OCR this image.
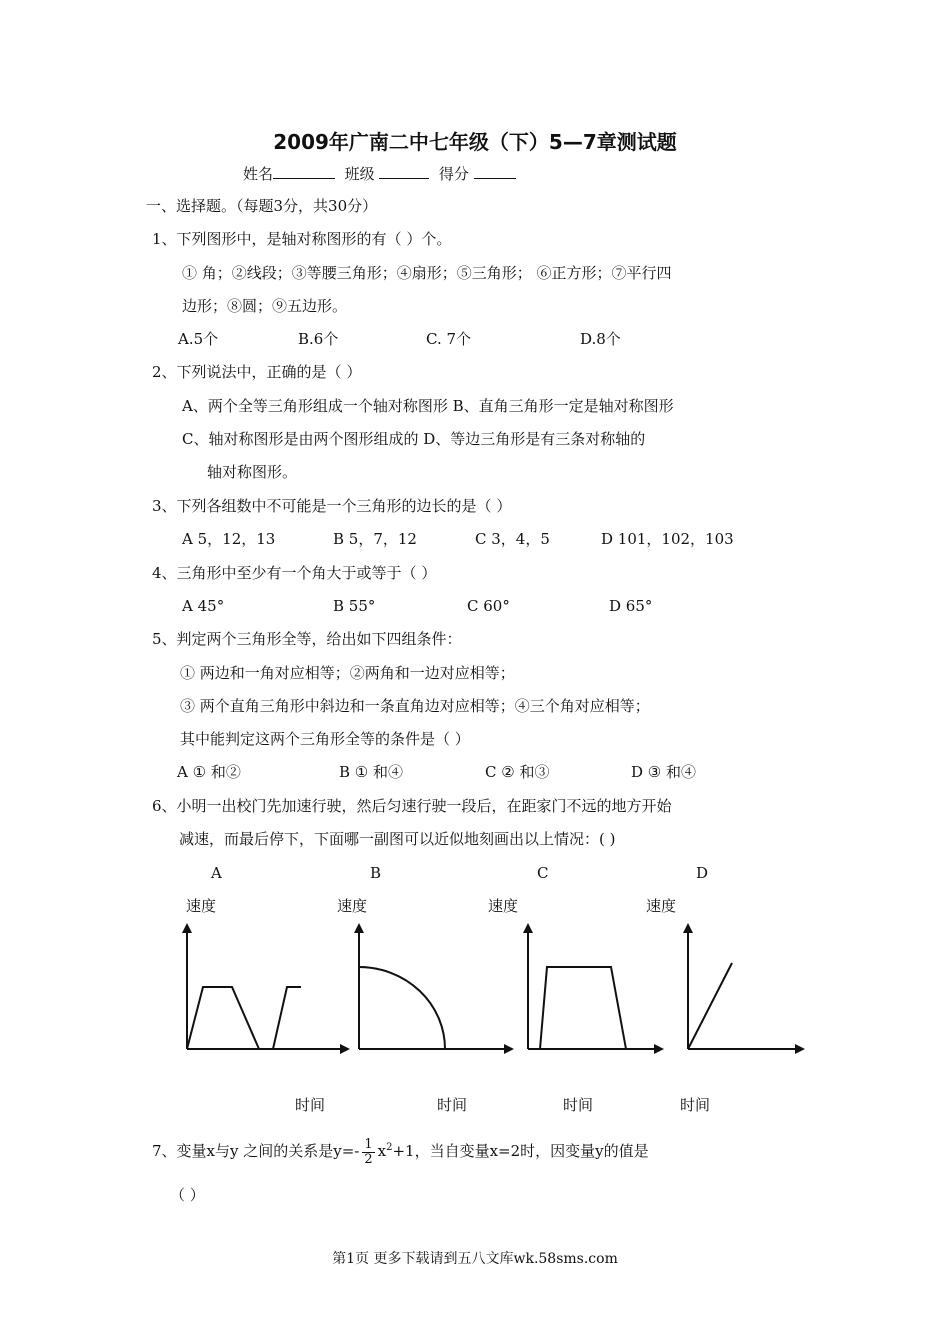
2009年广南二中七年级（下）5—7章测试题
姓名	班级	得分
一、选择题。（每题3分，共30分）
1、下列图形中，是轴对称图形的有（ ）个。
① 角；②线段；③等腰三角形；④扇形；⑤三角形； ⑥正方形；⑦平行四
边形；⑧圆；⑨五边形。
A.5个	B.6个	C. 7个	D.8个
2、下列说法中，正确的是（ ）
A、两个全等三角形组成一个轴对称图形 B、直角三角形一定是轴对称图形
C、轴对称图形是由两个图形组成的 D、等边三角形是有三条对称轴的
轴对称图形。
3、下列各组数中不可能是一个三角形的边长的是（ ）
A 5，12，13	B 5，7，12	C 3，4，5	D 101，102，103
4、三角形中至少有一个角大于或等于（ ）
A 45°	B 55°	C 60°	D 65°
5、判定两个三角形全等，给出如下四组条件：
① 两边和一角对应相等；②两角和一边对应相等；
③ 两个直角三角形中斜边和一条直角边对应相等；④三个角对应相等；
其中能判定这两个三角形全等的条件是（ ）
A ① 和②	B ① 和④	C ② 和③	D ③ 和④
6、小明一出校门先加速行驶，然后匀速行驶一段后，在距家门不远的地方开始
减速，而最后停下，下面哪一副图可以近似地刻画出以上情况：( )
A	B	C	D
速度	速度	速度	速度
时间	时间	时间	时间
7、变量x与y 之间的关系是$y=- \frac{1}{2} x^2+1$，当自变量x=2时，因变量y的值是
（ ）
第1页 更多下载请到五八文库wk.58sms.com
